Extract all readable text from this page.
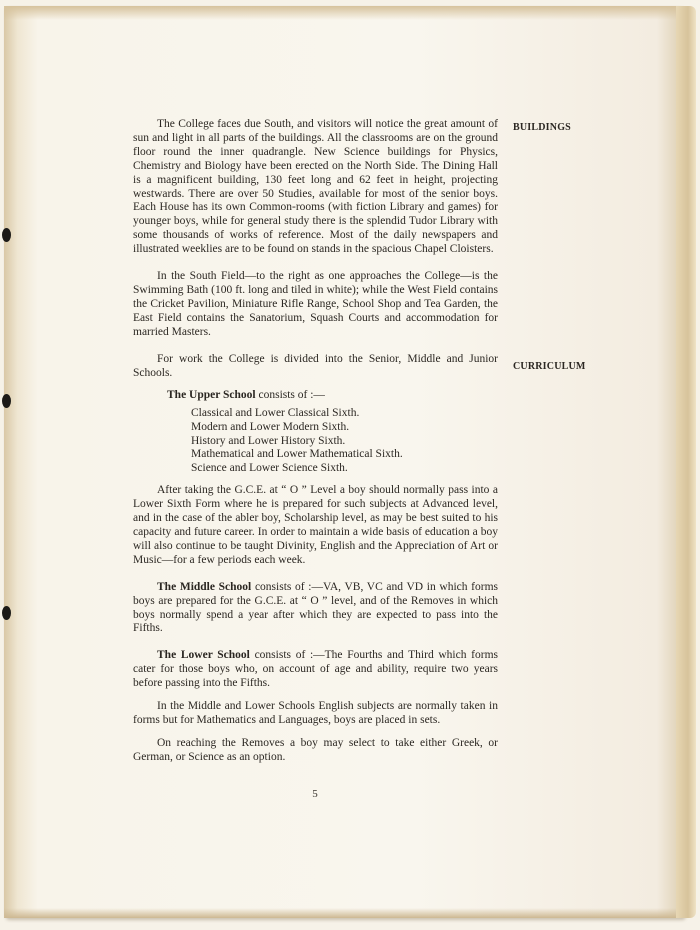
BUILDINGS
CURRICULUM

The College faces due South, and visitors will notice the great amount of sun and light in all parts of the buildings. All the classrooms are on the ground floor round the inner quadrangle. New Science buildings for Physics, Chemistry and Biology have been erected on the North Side. The Dining Hall is a magnificent building, 130 feet long and 62 feet in height, projecting westwards. There are over 50 Studies, available for most of the senior boys. Each House has its own Common-rooms (with fiction Library and games) for younger boys, while for general study there is the splendid Tudor Library with some thousands of works of reference. Most of the daily newspapers and illustrated weeklies are to be found on stands in the spacious Chapel Cloisters.

In the South Field—to the right as one approaches the College—is the Swimming Bath (100 ft. long and tiled in white); while the West Field contains the Cricket Pavilion, Miniature Rifle Range, School Shop and Tea Garden, the East Field contains the Sanatorium, Squash Courts and accommodation for married Masters.

For work the College is divided into the Senior, Middle and Junior Schools.

The Upper School consists of :—

Classical and Lower Classical Sixth.
Modern and Lower Modern Sixth.
History and Lower History Sixth.
Mathematical and Lower Mathematical Sixth.
Science and Lower Science Sixth.

After taking the G.C.E. at “ O ” Level a boy should normally pass into a Lower Sixth Form where he is prepared for such subjects at Advanced level, and in the case of the abler boy, Scholarship level, as may be best suited to his capacity and future career. In order to maintain a wide basis of education a boy will also continue to be taught Divinity, English and the Appreciation of Art or Music—for a few periods each week.

The Middle School consists of :—VA, VB, VC and VD in which forms boys are prepared for the G.C.E. at “ O ” level, and of the Removes in which boys normally spend a year after which they are expected to pass into the Fifths.

The Lower School consists of :—The Fourths and Third which forms cater for those boys who, on account of age and ability, require two years before passing into the Fifths.

In the Middle and Lower Schools English subjects are normally taken in forms but for Mathematics and Languages, boys are placed in sets.

On reaching the Removes a boy may select to take either Greek, or German, or Science as an option.

5
